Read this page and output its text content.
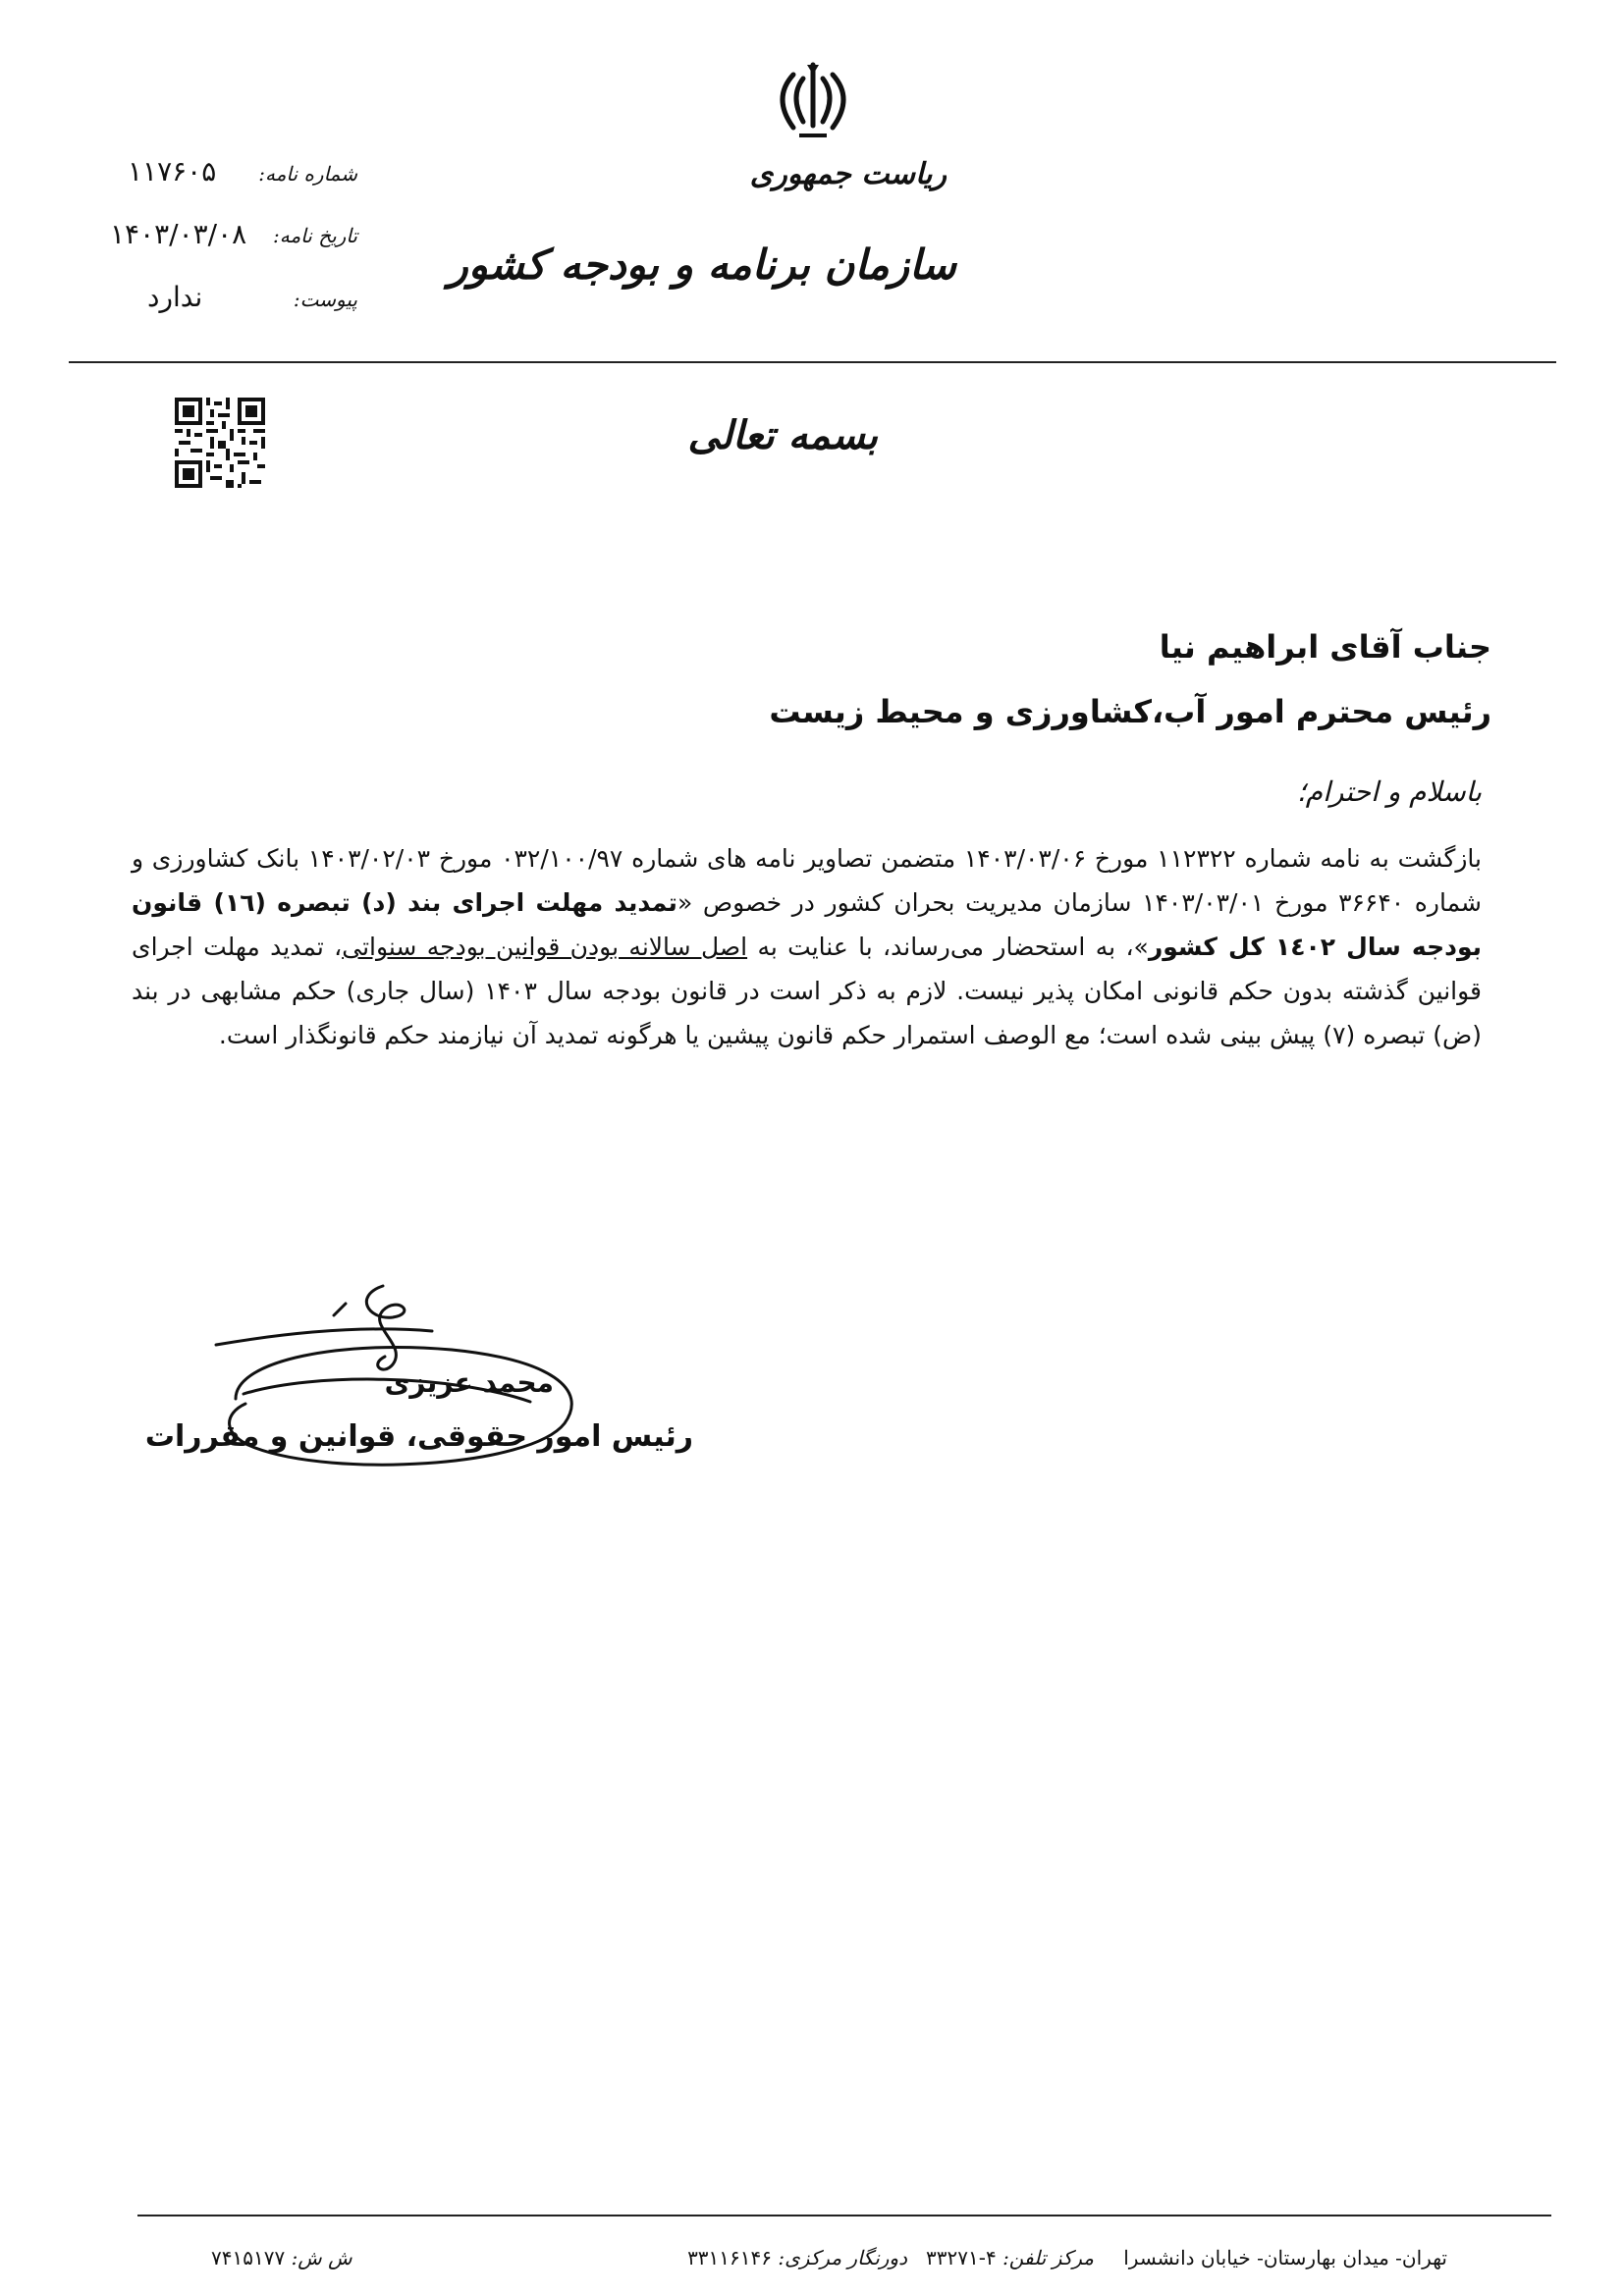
ریاست جمهوری
سازمان برنامه و بودجه کشور
شماره نامه:
۱۱۷۶۰۵
تاریخ نامه:
۱۴۰۳/۰۳/۰۸
پیوست:
ندارد
بسمه تعالی
جناب آقای ابراهیم نیا
رئیس محترم امور آب،کشاورزی و محیط زیست
باسلام و احترام؛
بازگشت به نامه شماره ۱۱۲۳۲۲ مورخ ۱۴۰۳/۰۳/۰۶ متضمن تصاویر نامه های شماره ۰۳۲/۱۰۰/۹۷ مورخ ۱۴۰۳/۰۲/۰۳ بانک کشاورزی و شماره ۳۶۶۴۰ مورخ ۱۴۰۳/۰۳/۰۱ سازمان مدیریت بحران کشور در خصوص «تمدید مهلت اجرای بند (د) تبصره (١٦) قانون بودجه سال ١٤٠٢ کل کشور»، به استحضار می‌رساند، با عنایت به اصل سالانه بودن قوانین بودجه سنواتی، تمدید مهلت اجرای قوانین گذشته بدون حکم قانونی امکان پذیر نیست. لازم به ذکر است در قانون بودجه سال ۱۴۰۳ (سال جاری) حکم مشابهی در بند (ض) تبصره (۷) پیش بینی شده است؛ مع الوصف استمرار حکم قانون پیشین یا هرگونه تمدید آن نیازمند حکم قانونگذار است.
محمد عزیزی
رئیس امور حقوقی، قوانین و مقررات
تهران- میدان بهارستان- خیابان دانشسرا
مرکز تلفن: ۴-۳۳۲۷۱
دورنگار مرکزی: ۳۳۱۱۶۱۴۶
ش ش: ۷۴۱۵۱۷۷
